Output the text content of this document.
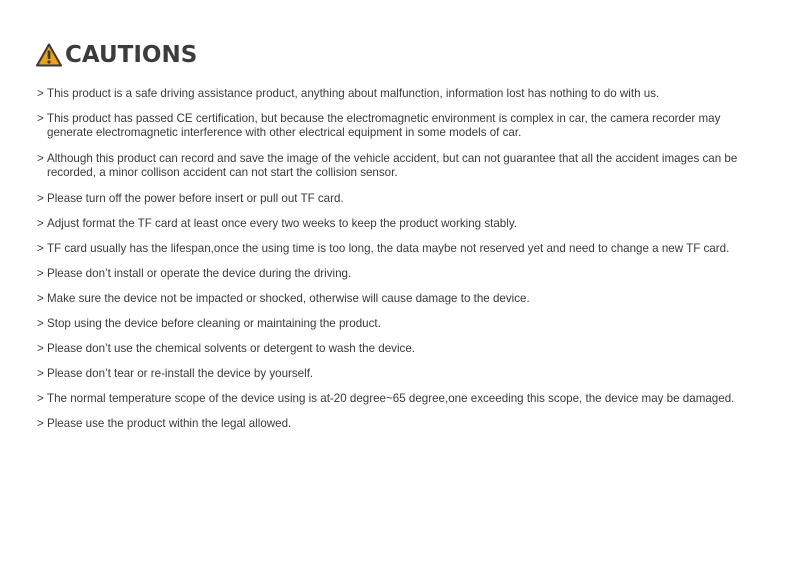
CAUTIONS
> This product is a safe driving assistance product, anything about malfunction, information lost has nothing to do with us.
> This product has passed CE certification, but because the electromagnetic environment is complex in car, the camera recorder may generate electromagnetic interference with other electrical equipment in some models of car.
> Although this product can record and save the image of the vehicle accident, but can not guarantee that all the accident images can be recorded, a minor collison accident can not start the collision sensor.
> Please turn off the power before insert or pull out TF card.
> Adjust format the TF card at least once every two weeks to keep the product working stably.
> TF card usually has the lifespan,once the using time is too long, the data maybe not reserved yet and need to change a new TF card.
> Please don’t install or operate the device during the driving.
> Make sure the device not be impacted or shocked, otherwise will cause damage to the device.
> Stop using the device before cleaning or maintaining the product.
> Please don’t use the chemical solvents or detergent to wash the device.
> Please don’t tear or re-install the device by yourself.
> The normal temperature scope of the device using is at-20 degree~65 degree,one exceeding this scope, the device may be damaged.
> Please use the product within the legal allowed.
